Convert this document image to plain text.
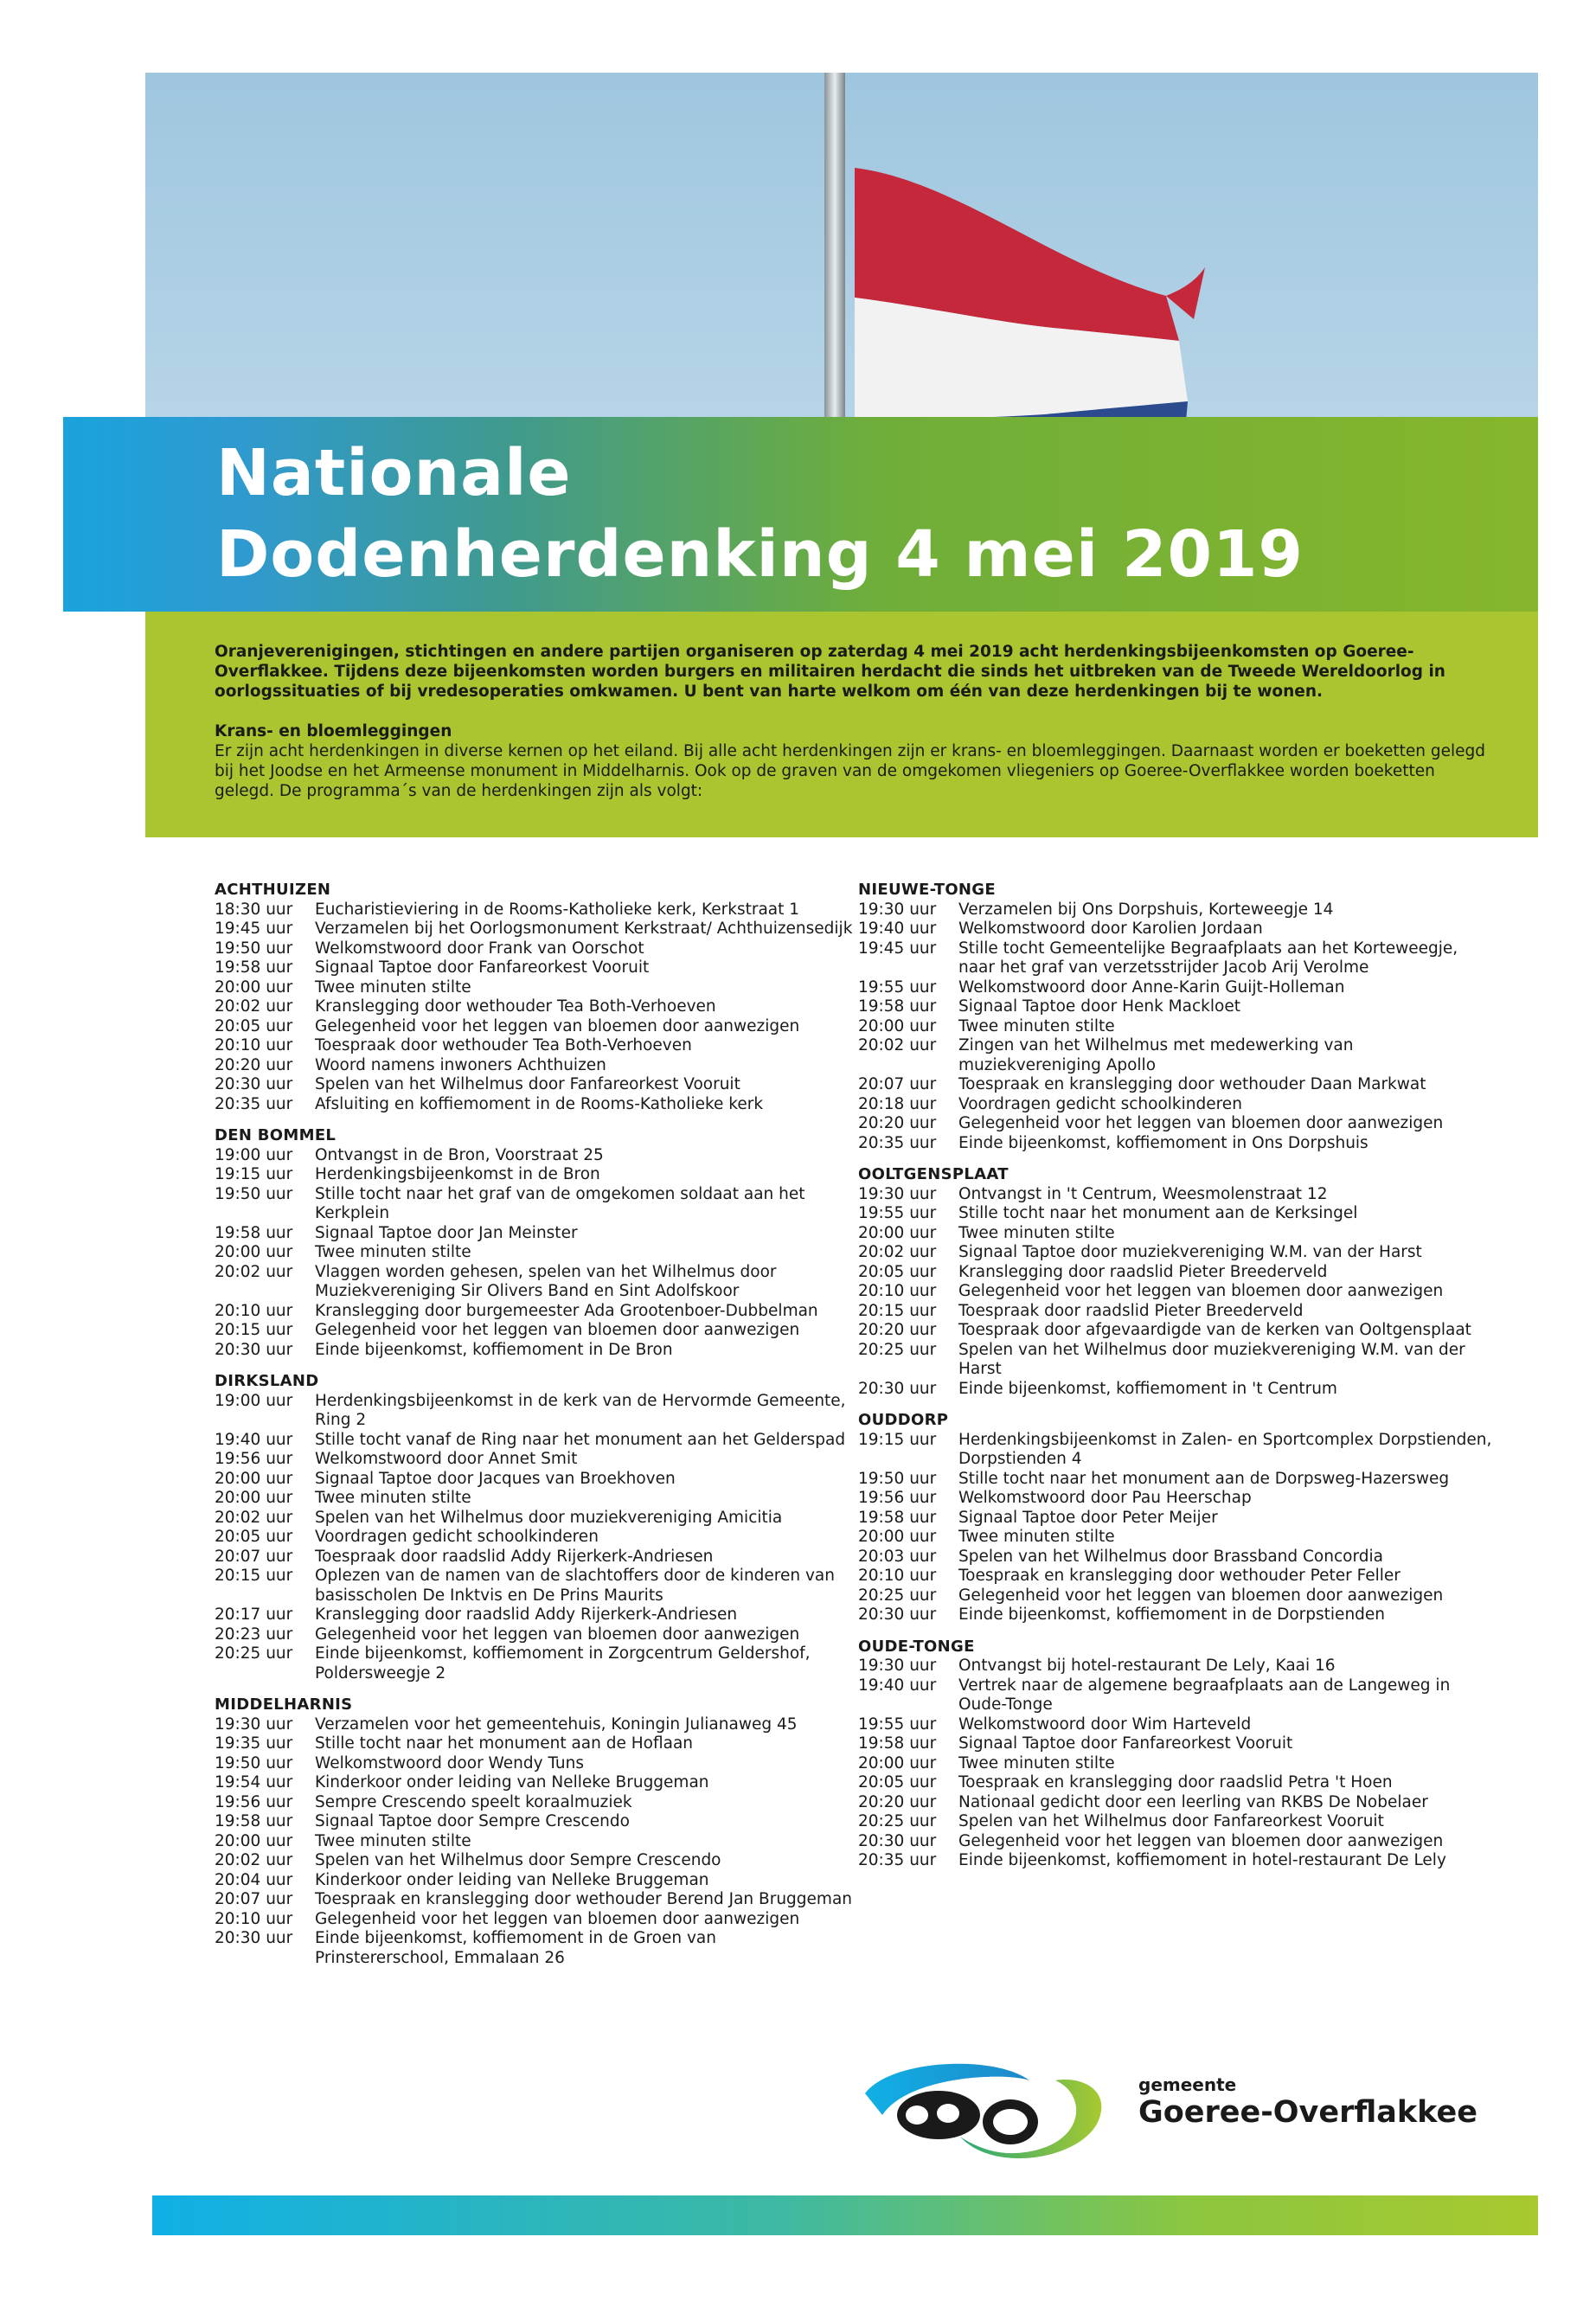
Nationale
Dodenherdenking 4 mei 2019

Oranjeverenigingen, stichtingen en andere partijen organiseren op zaterdag 4 mei 2019 acht herdenkingsbijeenkomsten op Goeree-Overflakkee. Tijdens deze bijeenkomsten worden burgers en militairen herdacht die sinds het uitbreken van de Tweede Wereldoorlog in oorlogssituaties of bij vredesoperaties omkwamen. U bent van harte welkom om één van deze herdenkingen bij te wonen.

Krans- en bloemleggingen

Er zijn acht herdenkingen in diverse kernen op het eiland. Bij alle acht herdenkingen zijn er krans- en bloemleggingen. Daarnaast worden er boeketten gelegd bij het Joodse en het Armeense monument in Middelharnis. Ook op de graven van de omgekomen vliegeniers op Goeree-Overflakkee worden boeketten gelegd. De programma´s van de herdenkingen zijn als volgt:

ACHTHUIZEN
18:30 uur	Eucharistieviering in de Rooms-Katholieke kerk, Kerkstraat 1
19:45 uur	Verzamelen bij het Oorlogsmonument Kerkstraat/ Achthuizensedijk
19:50 uur	Welkomstwoord door Frank van Oorschot
19:58 uur	Signaal Taptoe door Fanfareorkest Vooruit
20:00 uur	Twee minuten stilte
20:02 uur	Kranslegging door wethouder Tea Both-Verhoeven
20:05 uur	Gelegenheid voor het leggen van bloemen door aanwezigen
20:10 uur	Toespraak door wethouder Tea Both-Verhoeven
20:20 uur	Woord namens inwoners Achthuizen
20:30 uur	Spelen van het Wilhelmus door Fanfareorkest Vooruit
20:35 uur	Afsluiting en koffiemoment in de Rooms-Katholieke kerk
DEN BOMMEL
19:00 uur	Ontvangst in de Bron, Voorstraat 25
19:15 uur	Herdenkingsbijeenkomst in de Bron
19:50 uur	Stille tocht naar het graf van de omgekomen soldaat aan het Kerkplein
19:58 uur	Signaal Taptoe door Jan Meinster
20:00 uur	Twee minuten stilte
20:02 uur	Vlaggen worden gehesen, spelen van het Wilhelmus door Muziekvereniging Sir Olivers Band en Sint Adolfskoor
20:10 uur	Kranslegging door burgemeester Ada Grootenboer-Dubbelman
20:15 uur	Gelegenheid voor het leggen van bloemen door aanwezigen
20:30 uur	Einde bijeenkomst, koffiemoment in De Bron
DIRKSLAND
19:00 uur	Herdenkingsbijeenkomst in de kerk van de Hervormde Gemeente, Ring 2
19:40 uur	Stille tocht vanaf de Ring naar het monument aan het Gelderspad
19:56 uur	Welkomstwoord door Annet Smit
20:00 uur	Signaal Taptoe door Jacques van Broekhoven
20:00 uur	Twee minuten stilte
20:02 uur	Spelen van het Wilhelmus door muziekvereniging Amicitia
20:05 uur	Voordragen gedicht schoolkinderen
20:07 uur	Toespraak door raadslid Addy Rijerkerk-Andriesen
20:15 uur	Oplezen van de namen van de slachtoffers door de kinderen van basisscholen De Inktvis en De Prins Maurits
20:17 uur	Kranslegging door raadslid Addy Rijerkerk-Andriesen
20:23 uur	Gelegenheid voor het leggen van bloemen door aanwezigen
20:25 uur	Einde bijeenkomst, koffiemoment in Zorgcentrum Geldershof, Poldersweegje 2
MIDDELHARNIS
19:30 uur	Verzamelen voor het gemeentehuis, Koningin Julianaweg 45
19:35 uur	Stille tocht naar het monument aan de Hoflaan
19:50 uur	Welkomstwoord door Wendy Tuns
19:54 uur	Kinderkoor onder leiding van Nelleke Bruggeman
19:56 uur	Sempre Crescendo speelt koraalmuziek
19:58 uur	Signaal Taptoe door Sempre Crescendo
20:00 uur	Twee minuten stilte
20:02 uur	Spelen van het Wilhelmus door Sempre Crescendo
20:04 uur	Kinderkoor onder leiding van Nelleke Bruggeman
20:07 uur	Toespraak en kranslegging door wethouder Berend Jan Bruggeman
20:10 uur	Gelegenheid voor het leggen van bloemen door aanwezigen
20:30 uur	Einde bijeenkomst, koffiemoment in de Groen van Prinstererschool, Emmalaan 26
NIEUWE-TONGE
19:30 uur	Verzamelen bij Ons Dorpshuis, Korteweegje 14
19:40 uur	Welkomstwoord door Karolien Jordaan
19:45 uur	Stille tocht Gemeentelijke Begraafplaats aan het Korteweegje, naar het graf van verzetsstrijder Jacob Arij Verolme
19:55 uur	Welkomstwoord door Anne-Karin Guijt-Holleman
19:58 uur	Signaal Taptoe door Henk Mackloet
20:00 uur	Twee minuten stilte
20:02 uur	Zingen van het Wilhelmus met medewerking van muziekvereniging Apollo
20:07 uur	Toespraak en kranslegging door wethouder Daan Markwat
20:18 uur	Voordragen gedicht schoolkinderen
20:20 uur	Gelegenheid voor het leggen van bloemen door aanwezigen
20:35 uur	Einde bijeenkomst, koffiemoment in Ons Dorpshuis
OOLTGENSPLAAT
19:30 uur	Ontvangst in 't Centrum, Weesmolenstraat 12
19:55 uur	Stille tocht naar het monument aan de Kerksingel
20:00 uur	Twee minuten stilte
20:02 uur	Signaal Taptoe door muziekvereniging W.M. van der Harst
20:05 uur	Kranslegging door raadslid Pieter Breederveld
20:10 uur	Gelegenheid voor het leggen van bloemen door aanwezigen
20:15 uur	Toespraak door raadslid Pieter Breederveld
20:20 uur	Toespraak door afgevaardigde van de kerken van Ooltgensplaat
20:25 uur	Spelen van het Wilhelmus door muziekvereniging W.M. van der Harst
20:30 uur	Einde bijeenkomst, koffiemoment in 't Centrum
OUDDORP
19:15 uur	Herdenkingsbijeenkomst in Zalen- en Sportcomplex Dorpstienden, Dorpstienden 4
19:50 uur	Stille tocht naar het monument aan de Dorpsweg-Hazersweg
19:56 uur	Welkomstwoord door Pau Heerschap
19:58 uur	Signaal Taptoe door Peter Meijer
20:00 uur	Twee minuten stilte
20:03 uur	Spelen van het Wilhelmus door Brassband Concordia
20:10 uur	Toespraak en kranslegging door wethouder Peter Feller
20:25 uur	Gelegenheid voor het leggen van bloemen door aanwezigen
20:30 uur	Einde bijeenkomst, koffiemoment in de Dorpstienden
OUDE-TONGE
19:30 uur	Ontvangst bij hotel-restaurant De Lely, Kaai 16
19:40 uur	Vertrek naar de algemene begraafplaats aan de Langeweg in Oude-Tonge
19:55 uur	Welkomstwoord door Wim Harteveld
19:58 uur	Signaal Taptoe door Fanfareorkest Vooruit
20:00 uur	Twee minuten stilte
20:05 uur	Toespraak en kranslegging door raadslid Petra 't Hoen
20:20 uur	Nationaal gedicht door een leerling van RKBS De Nobelaer
20:25 uur	Spelen van het Wilhelmus door Fanfareorkest Vooruit
20:30 uur	Gelegenheid voor het leggen van bloemen door aanwezigen
20:35 uur	Einde bijeenkomst, koffiemoment in hotel-restaurant De Lely
gemeente
Goeree-Overflakkee
